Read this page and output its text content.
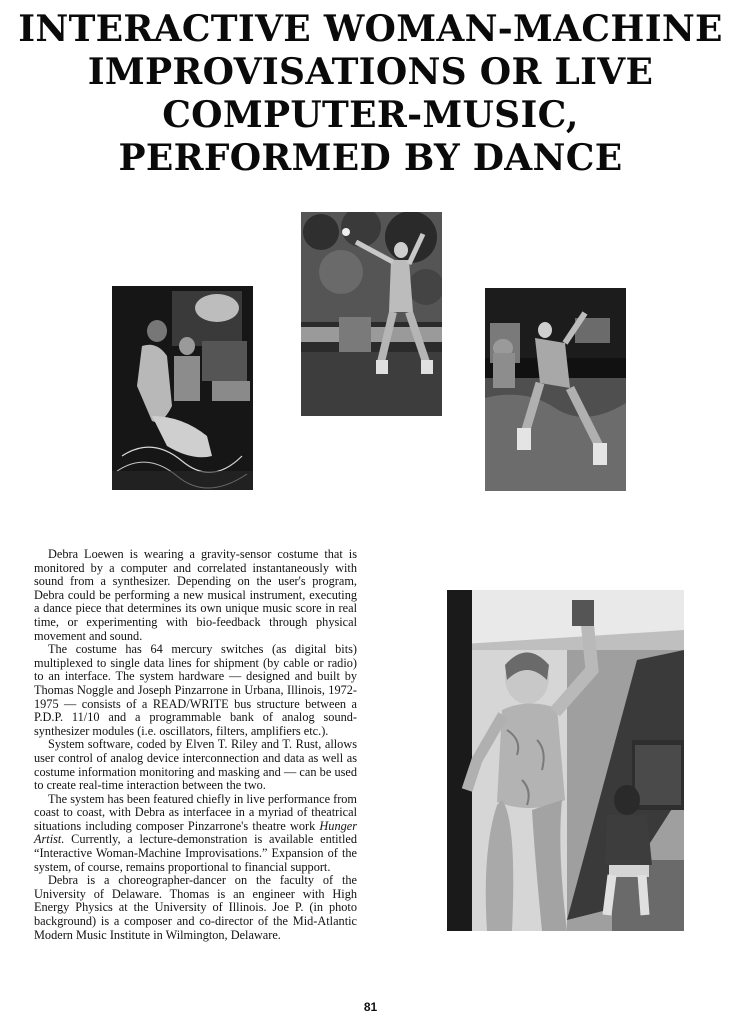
INTERACTIVE WOMAN-MACHINE
IMPROVISATIONS OR LIVE
COMPUTER-MUSIC,
PERFORMED BY DANCE

Debra Loewen is wearing a gravity-sensor costume that is monitored by a computer and correlated instantaneously with sound from a synthesizer. Depending on the user's program, Debra could be performing a new musical instrument, executing a dance piece that determines its own unique music score in real time, or experimenting with bio-feedback through physical movement and sound.

The costume has 64 mercury switches (as digital bits) multiplexed to single data lines for shipment (by cable or radio) to an interface. The system hardware — designed and built by Thomas Noggle and Joseph Pinzarrone in Urbana, Illinois, 1972-1975 — consists of a READ/WRITE bus structure between a P.D.P. 11/10 and a programmable bank of analog sound-synthesizer modules (i.e. oscillators, filters, amplifiers etc.).

System software, coded by Elven T. Riley and T. Rust, allows user control of analog device interconnection and data as well as costume information monitoring and masking and — can be used to create real-time interaction between the two.

The system has been featured chiefly in live performance from coast to coast, with Debra as interfacee in a myriad of theatrical situations including composer Pinzarrone's theatre work Hunger Artist. Currently, a lecture-demonstration is available entitled “Interactive Woman-Machine Improvisations.” Expansion of the system, of course, remains proportional to financial support.

Debra is a choreographer-dancer on the faculty of the University of Delaware. Thomas is an engineer with High Energy Physics at the University of Illinois. Joe P. (in photo background) is a composer and co-director of the Mid-Atlantic Modern Music Institute in Wilmington, Delaware.

81
